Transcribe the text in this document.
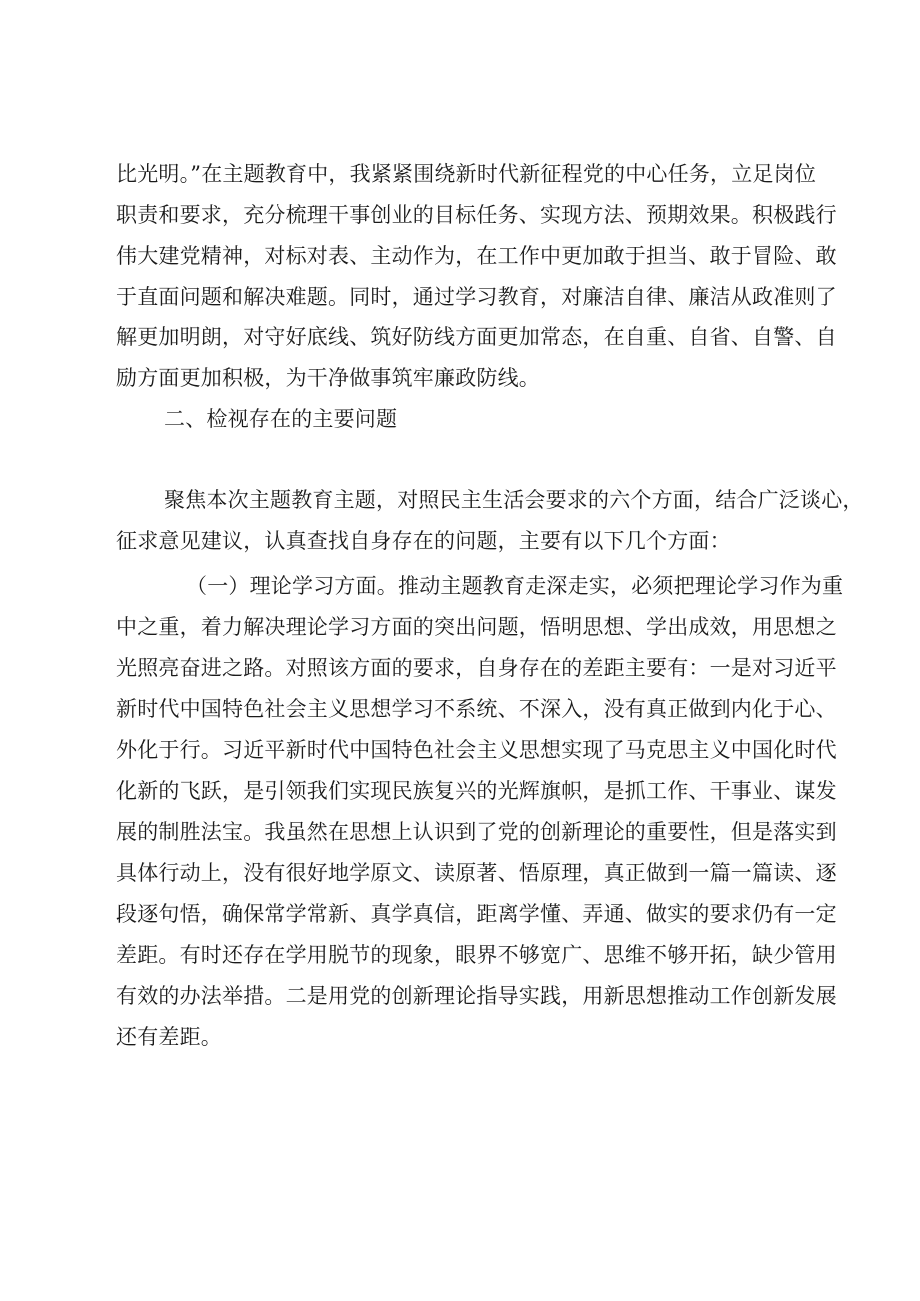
比光明。”在主题教育中，我紧紧围绕新时代新征程党的中心任务，立足岗位
职责和要求，充分梳理干事创业的目标任务、实现方法、预期效果。积极践行
伟大建党精神，对标对表、主动作为，在工作中更加敢于担当、敢于冒险、敢
于直面问题和解决难题。同时，通过学习教育，对廉洁自律、廉洁从政准则了
解更加明朗，对守好底线、筑好防线方面更加常态，在自重、自省、自警、自
励方面更加积极，为干净做事筑牢廉政防线。
二、检视存在的主要问题
聚焦本次主题教育主题，对照民主生活会要求的六个方面，结合广泛谈心，
征求意见建议，认真查找自身存在的问题，主要有以下几个方面：
（一）理论学习方面。推动主题教育走深走实，必须把理论学习作为重
中之重，着力解决理论学习方面的突出问题，悟明思想、学出成效，用思想之
光照亮奋进之路。对照该方面的要求，自身存在的差距主要有：一是对习近平
新时代中国特色社会主义思想学习不系统、不深入，没有真正做到内化于心、
外化于行。习近平新时代中国特色社会主义思想实现了马克思主义中国化时代
化新的飞跃，是引领我们实现民族复兴的光辉旗帜，是抓工作、干事业、谋发
展的制胜法宝。我虽然在思想上认识到了党的创新理论的重要性，但是落实到
具体行动上，没有很好地学原文、读原著、悟原理，真正做到一篇一篇读、逐
段逐句悟，确保常学常新、真学真信，距离学懂、弄通、做实的要求仍有一定
差距。有时还存在学用脱节的现象，眼界不够宽广、思维不够开拓，缺少管用
有效的办法举措。二是用党的创新理论指导实践，用新思想推动工作创新发展
还有差距。
